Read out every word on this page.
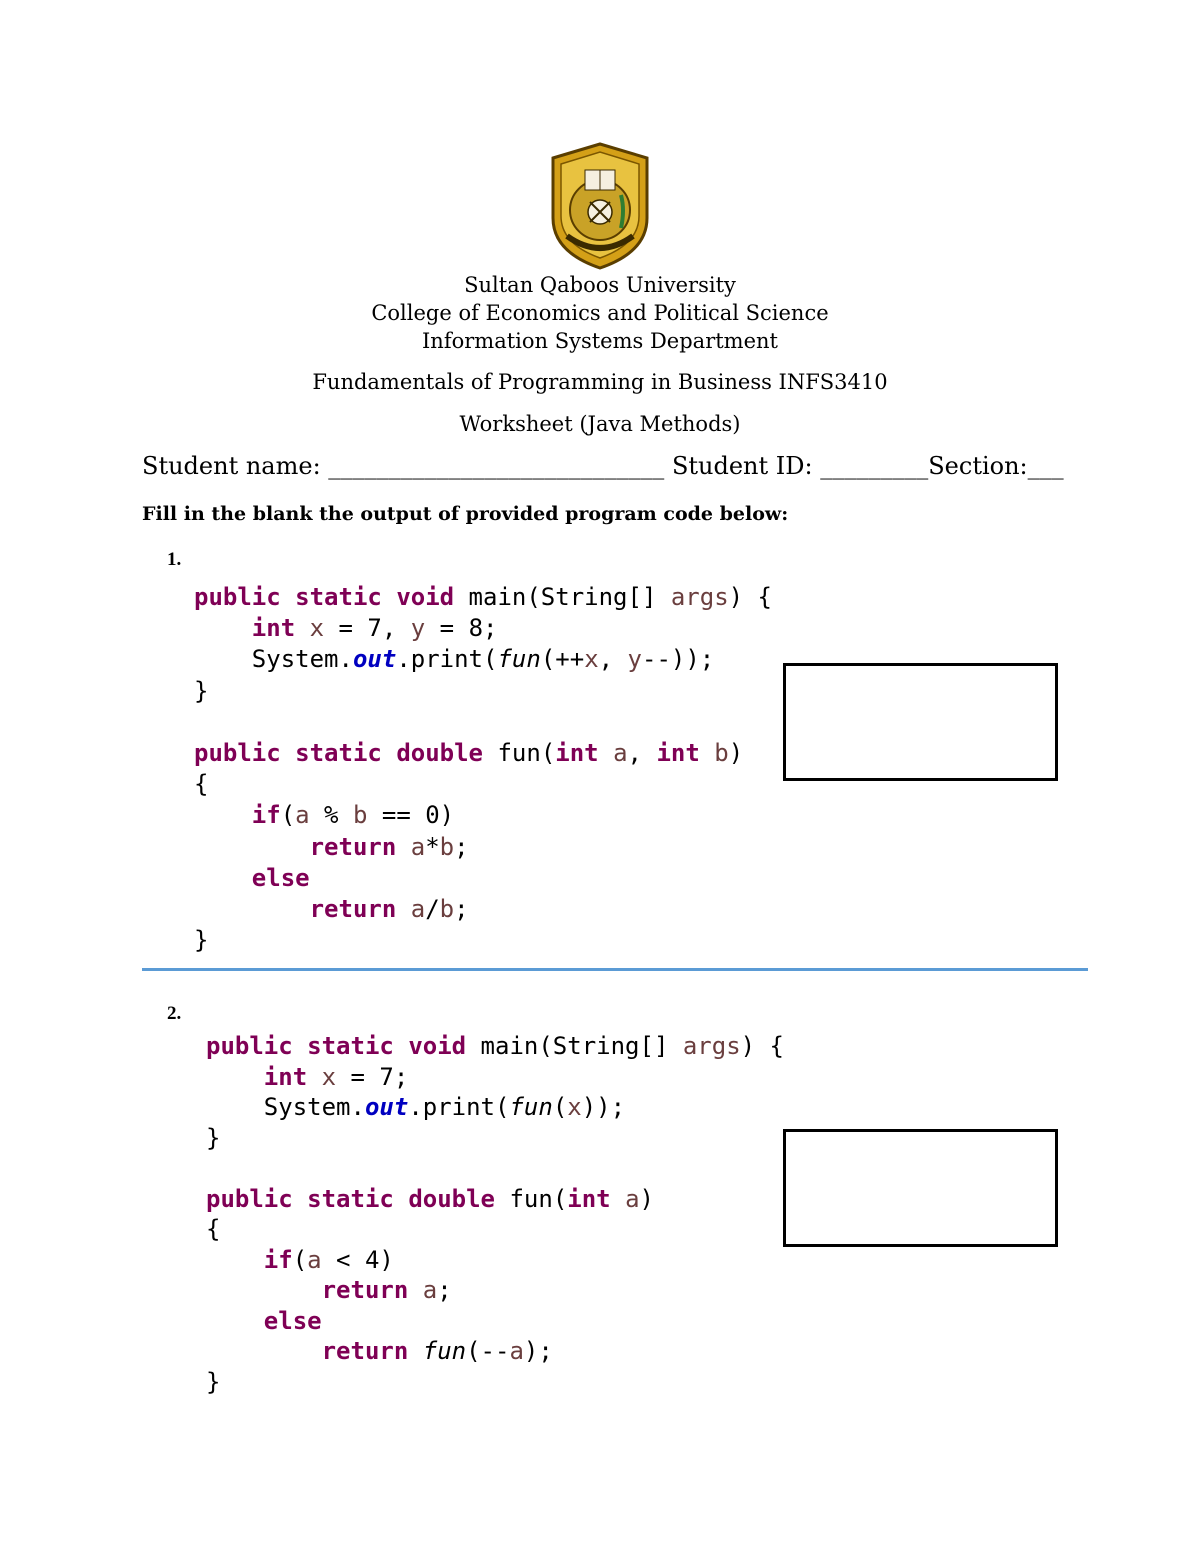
Sultan Qaboos University
College of Economics and Political Science
Information Systems Department
Fundamentals of Programming in Business INFS3410
Worksheet (Java Methods)
Student name: ____________________________ Student ID: _________Section:___
Fill in the blank the output of provided program code below:
1.
public static void main(String[] args) {
int x = 7, y = 8;
System.out.print(fun(++x, y--));
}

public static double fun(int a, int b)
{
if(a % b == 0)
return a*b;
else
return a/b;
}
2.
public static void main(String[] args) {
int x = 7;
System.out.print(fun(x));
}

public static double fun(int a)
{
if(a < 4)
return a;
else
return fun(--a);
}
